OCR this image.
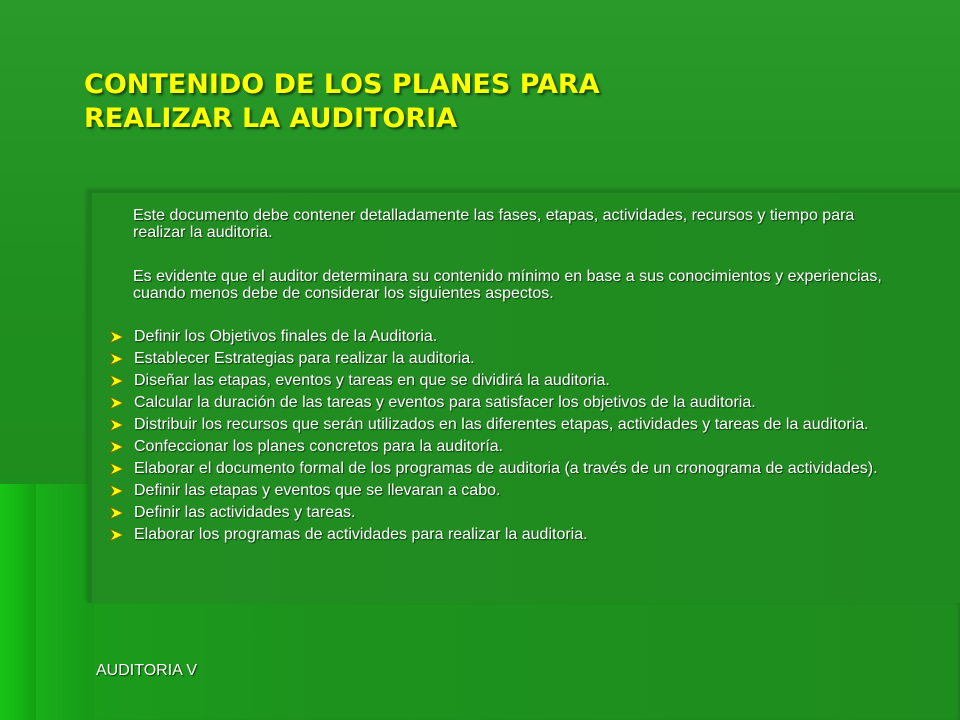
CONTENIDO DE LOS PLANES PARA
REALIZAR LA AUDITORIA

Este documento debe contener detalladamente las fases, etapas, actividades, recursos y tiempo para realizar la auditoria.

Es evidente que el auditor determinara su contenido mínimo en base a sus conocimientos y experiencias, cuando menos debe de considerar los siguientes aspectos.

Definir los Objetivos finales de la Auditoria.
Establecer Estrategias para realizar la auditoria.
Diseñar las etapas, eventos y tareas en que se dividirá la auditoria.
Calcular la duración de las tareas y eventos para satisfacer los objetivos de la auditoria.
Distribuir los recursos que serán utilizados en las diferentes etapas, actividades y tareas de la auditoria.
Confeccionar los planes concretos para la auditoría.
Elaborar el documento formal de los programas de auditoria (a través de un cronograma de actividades).
Definir las etapas y eventos que se llevaran a cabo.
Definir las actividades y tareas.
Elaborar los programas de actividades para realizar la auditoria.
AUDITORIA V
